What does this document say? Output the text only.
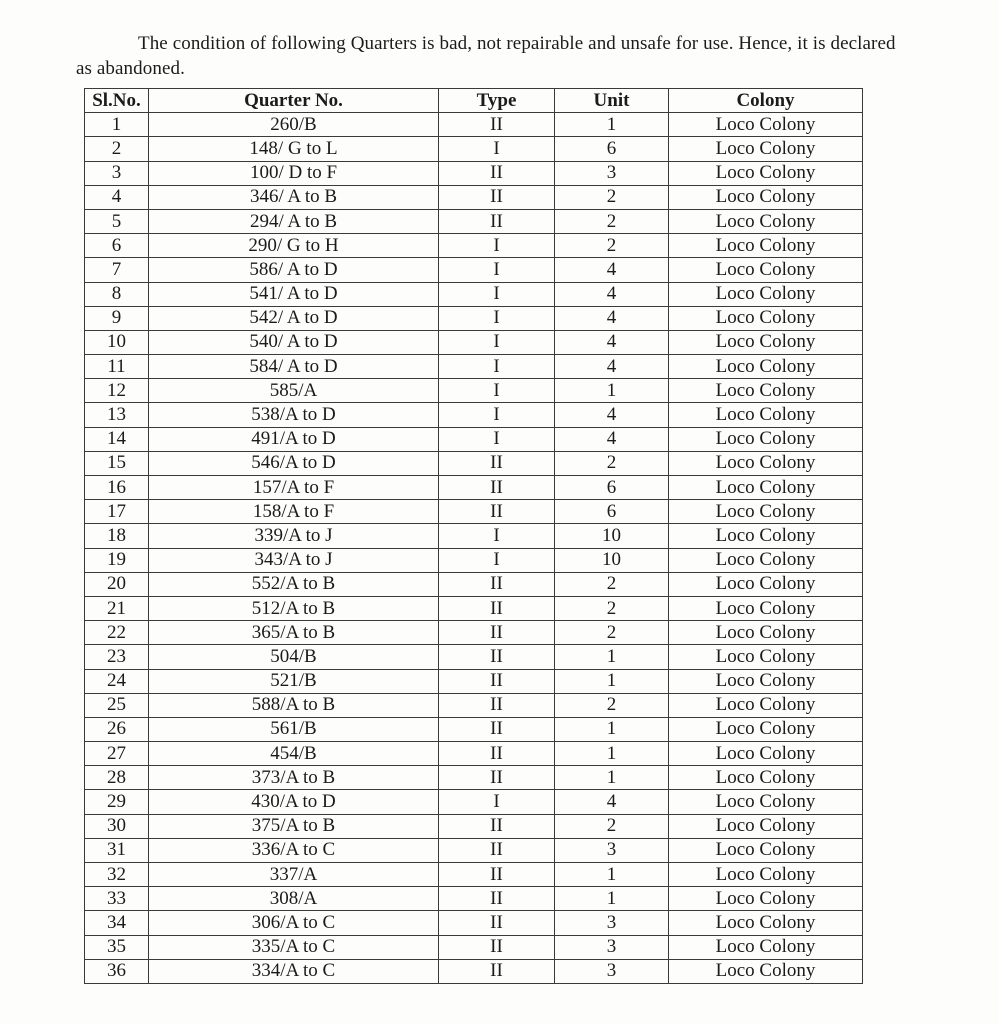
The condition of following Quarters is bad, not repairable and unsafe for use. Hence, it is declared as abandoned.

Sl.No.	Quarter No.	Type	Unit	Colony
1	260/B	II	1	Loco Colony
2	148/ G to L	I	6	Loco Colony
3	100/ D to F	II	3	Loco Colony
4	346/ A to B	II	2	Loco Colony
5	294/ A to B	II	2	Loco Colony
6	290/ G to H	I	2	Loco Colony
7	586/ A to D	I	4	Loco Colony
8	541/ A to D	I	4	Loco Colony
9	542/ A to D	I	4	Loco Colony
10	540/ A to D	I	4	Loco Colony
11	584/ A to D	I	4	Loco Colony
12	585/A	I	1	Loco Colony
13	538/A to D	I	4	Loco Colony
14	491/A to D	I	4	Loco Colony
15	546/A to D	II	2	Loco Colony
16	157/A to F	II	6	Loco Colony
17	158/A to F	II	6	Loco Colony
18	339/A to J	I	10	Loco Colony
19	343/A to J	I	10	Loco Colony
20	552/A to B	II	2	Loco Colony
21	512/A to B	II	2	Loco Colony
22	365/A to B	II	2	Loco Colony
23	504/B	II	1	Loco Colony
24	521/B	II	1	Loco Colony
25	588/A to B	II	2	Loco Colony
26	561/B	II	1	Loco Colony
27	454/B	II	1	Loco Colony
28	373/A to B	II	1	Loco Colony
29	430/A to D	I	4	Loco Colony
30	375/A to B	II	2	Loco Colony
31	336/A to C	II	3	Loco Colony
32	337/A	II	1	Loco Colony
33	308/A	II	1	Loco Colony
34	306/A to C	II	3	Loco Colony
35	335/A to C	II	3	Loco Colony
36	334/A to C	II	3	Loco Colony
